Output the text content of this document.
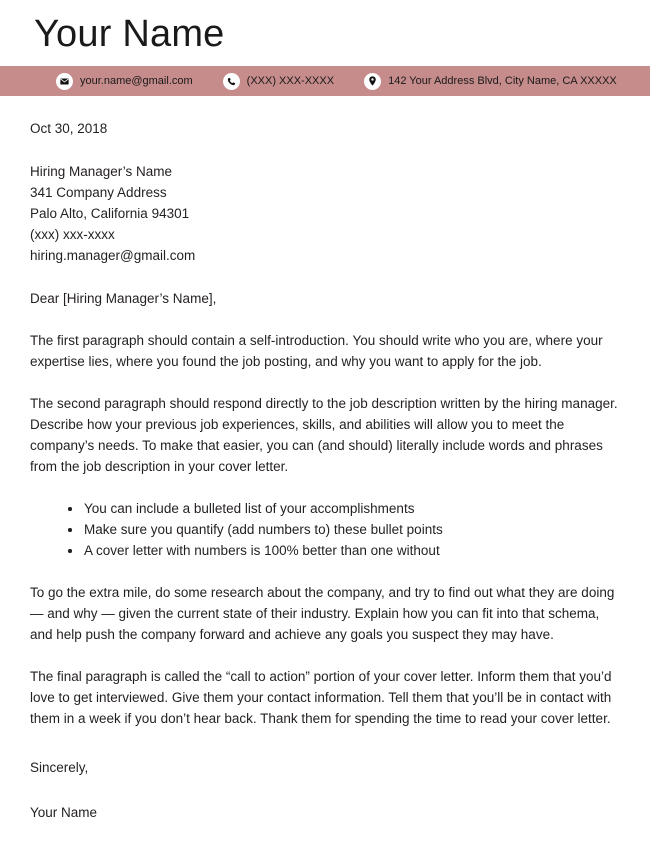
Your Name
your.name@gmail.com	(XXX) XXX-XXXX	142 Your Address Blvd, City Name, CA XXXXX
Oct 30, 2018
Hiring Manager’s Name
341 Company Address
Palo Alto, California 94301
(xxx) xxx-xxxx
hiring.manager@gmail.com
Dear [Hiring Manager’s Name],
The first paragraph should contain a self-introduction. You should write who you are, where your expertise lies, where you found the job posting, and why you want to apply for the job.
The second paragraph should respond directly to the job description written by the hiring manager. Describe how your previous job experiences, skills, and abilities will allow you to meet the company’s needs. To make that easier, you can (and should) literally include words and phrases from the job description in your cover letter.
You can include a bulleted list of your accomplishments
Make sure you quantify (add numbers to) these bullet points
A cover letter with numbers is 100% better than one without
To go the extra mile, do some research about the company, and try to find out what they are doing — and why — given the current state of their industry. Explain how you can fit into that schema, and help push the company forward and achieve any goals you suspect they may have.
The final paragraph is called the “call to action” portion of your cover letter. Inform them that you’d love to get interviewed. Give them your contact information. Tell them that you’ll be in contact with them in a week if you don’t hear back. Thank them for spending the time to read your cover letter.
Sincerely,
Your Name
